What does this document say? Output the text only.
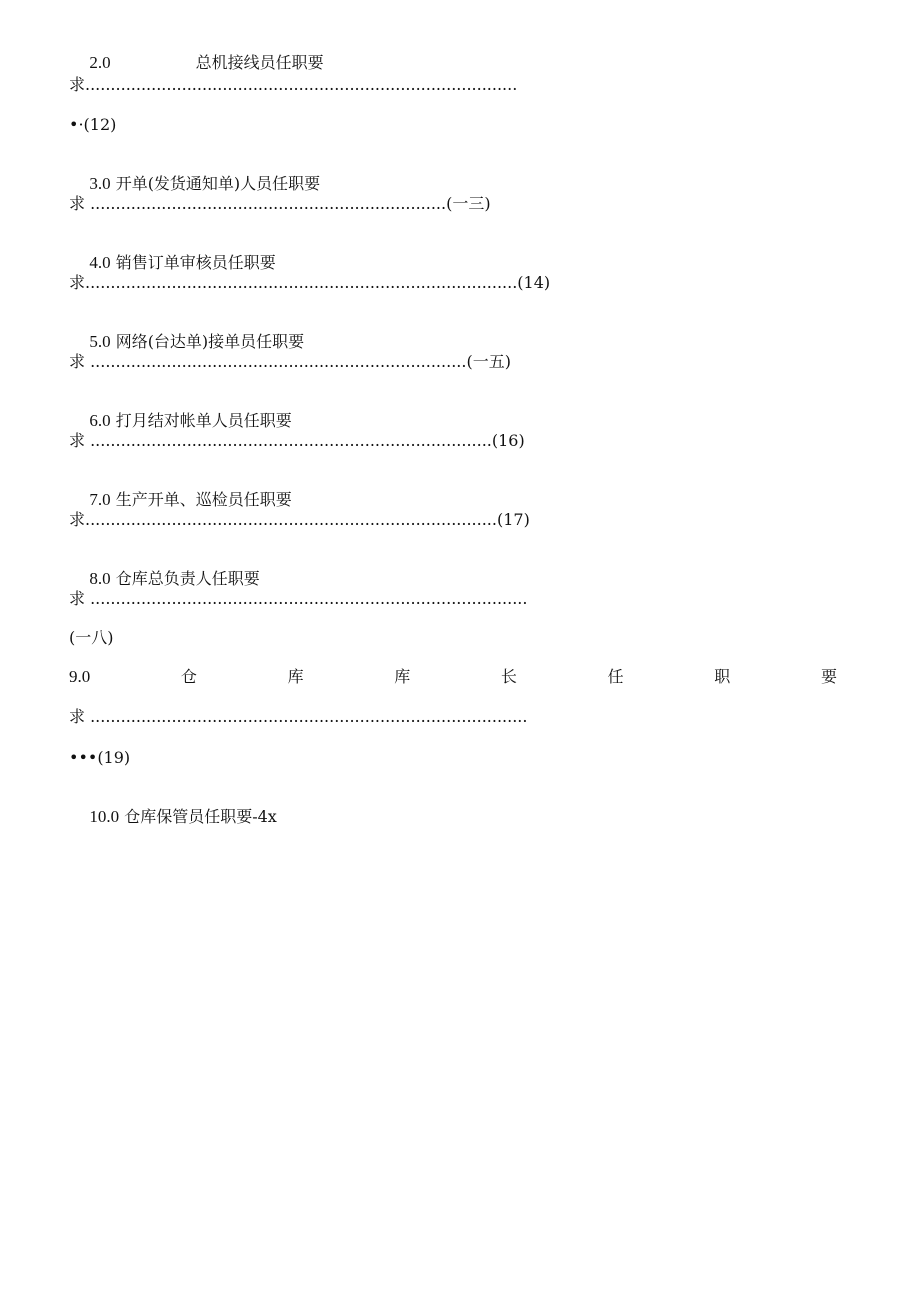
2.0	总机接线员任职要

求.....................................................................................
•·(12)

3.0 开单(发货通知单)人员任职要

求 ......................................................................(一三)

4.0 销售订单审核员任职要

求.....................................................................................(14)

5.0 网络(台达单)接单员任职要

求 ..........................................................................(一五)

6.0 打月结对帐单人员任职要

求 ...............................................................................(16)

7.0 生产开单、巡检员任职要

求.................................................................................(17)

8.0 仓库总负责人任职要

求 ......................................................................................
(一八)
9.0	仓	库	库	长	任	职	要
求 ......................................................................................
•••(19)

10.0 仓库保管员任职要-4x
